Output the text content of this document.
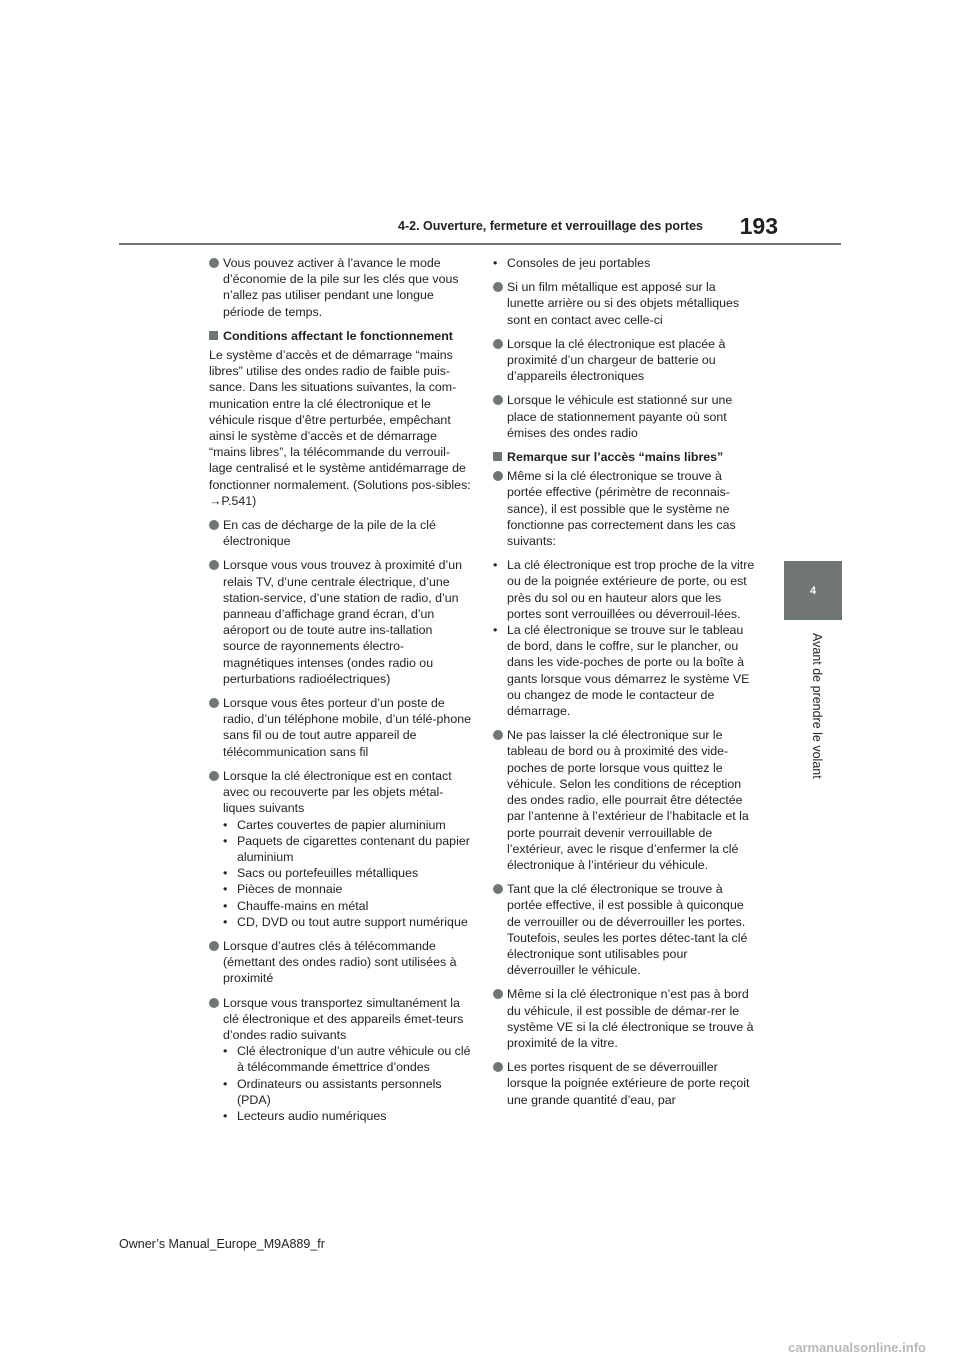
4-2. Ouverture, fermeture et verrouillage des portes	193
4
Avant de prendre le volant
Vous pouvez activer à l’avance le mode d’économie de la pile sur les clés que vous n’allez pas utiliser pendant une longue période de temps.
Conditions affectant le fonctionnement
Le système d’accès et de démarrage “mains libres” utilise des ondes radio de faible puis-sance. Dans les situations suivantes, la com-munication entre la clé électronique et le véhicule risque d’être perturbée, empêchant ainsi le système d’accès et de démarrage “mains libres”, la télécommande du verrouil-lage centralisé et le système antidémarrage de fonctionner normalement. (Solutions pos-sibles: →P.541)
En cas de décharge de la pile de la clé électronique
Lorsque vous vous trouvez à proximité d’un relais TV, d’une centrale électrique, d’une station-service, d’une station de radio, d’un panneau d’affichage grand écran, d’un aéroport ou de toute autre ins-tallation source de rayonnements électro-magnétiques intenses (ondes radio ou perturbations radioélectriques)
Lorsque vous êtes porteur d’un poste de radio, d’un téléphone mobile, d’un télé-phone sans fil ou de tout autre appareil de télécommunication sans fil
Lorsque la clé électronique est en contact avec ou recouverte par les objets métal-liques suivants
• Cartes couvertes de papier aluminium
• Paquets de cigarettes contenant du papier aluminium
• Sacs ou portefeuilles métalliques
• Pièces de monnaie
• Chauffe-mains en métal
• CD, DVD ou tout autre support numérique
Lorsque d’autres clés à télécommande (émettant des ondes radio) sont utilisées à proximité
Lorsque vous transportez simultanément la clé électronique et des appareils émet-teurs d’ondes radio suivants
• Clé électronique d’un autre véhicule ou clé à télécommande émettrice d’ondes
• Ordinateurs ou assistants personnels (PDA)
• Lecteurs audio numériques
• Consoles de jeu portables
Si un film métallique est apposé sur la lunette arrière ou si des objets métalliques sont en contact avec celle-ci
Lorsque la clé électronique est placée à proximité d’un chargeur de batterie ou d’appareils électroniques
Lorsque le véhicule est stationné sur une place de stationnement payante où sont émises des ondes radio
Remarque sur l’accès “mains libres”
Même si la clé électronique se trouve à portée effective (périmètre de reconnais-sance), il est possible que le système ne fonctionne pas correctement dans les cas suivants:
• La clé électronique est trop proche de la vitre ou de la poignée extérieure de porte, ou est près du sol ou en hauteur alors que les portes sont verrouillées ou déverrouil-lées.
• La clé électronique se trouve sur le tableau de bord, dans le coffre, sur le plancher, ou dans les vide-poches de porte ou la boîte à gants lorsque vous démarrez le système VE ou changez de mode le contacteur de démarrage.
Ne pas laisser la clé électronique sur le tableau de bord ou à proximité des vide-poches de porte lorsque vous quittez le véhicule. Selon les conditions de réception des ondes radio, elle pourrait être détectée par l’antenne à l’extérieur de l’habitacle et la porte pourrait devenir verrouillable de l’extérieur, avec le risque d’enfermer la clé électronique à l’intérieur du véhicule.
Tant que la clé électronique se trouve à portée effective, il est possible à quiconque de verrouiller ou de déverrouiller les portes. Toutefois, seules les portes détec-tant la clé électronique sont utilisables pour déverrouiller le véhicule.
Même si la clé électronique n’est pas à bord du véhicule, il est possible de démar-rer le système VE si la clé électronique se trouve à proximité de la vitre.
Les portes risquent de se déverrouiller lorsque la poignée extérieure de porte reçoit une grande quantité d’eau, par
Owner’s Manual_Europe_M9A889_fr
carmanualsonline.info
